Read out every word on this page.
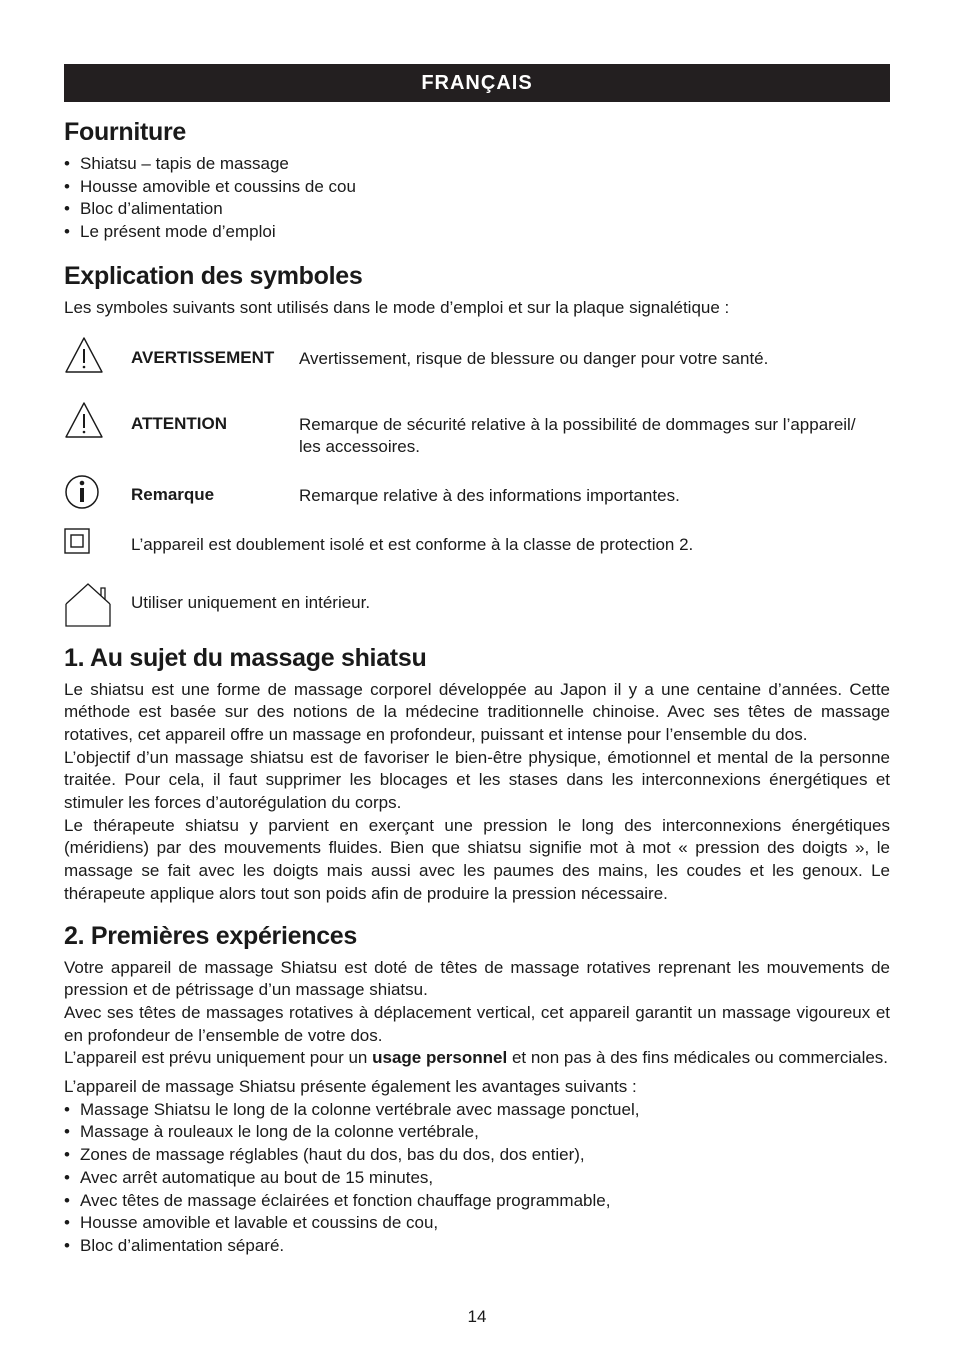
FRANÇAIS
Fourniture
• Shiatsu – tapis de massage
• Housse amovible et coussins de cou
• Bloc d’alimentation
• Le présent mode d’emploi
Explication des symboles

Les symboles suivants sont utilisés dans le mode d’emploi et sur la plaque signalétique :

AVERTISSEMENT Avertissement, risque de blessure ou danger pour votre santé.
ATTENTION	Remarque de sécurité relative à la possibilité de dommages sur l’appareil/
les accessoires.
Remarque	Remarque relative à des informations importantes.
L’appareil est doublement isolé et est conforme à la classe de protection 2.
Utiliser uniquement en intérieur.
1. Au sujet du massage shiatsu

Le shiatsu est une forme de massage corporel développée au Japon il y a une centaine d’années. Cette méthode est basée sur des notions de la médecine traditionnelle chinoise. Avec ses têtes de massage rotatives, cet appareil offre un massage en profondeur, puissant et intense pour l’ensemble du dos.

L’objectif d’un massage shiatsu est de favoriser le bien-être physique, émotionnel et mental de la personne traitée. Pour cela, il faut supprimer les blocages et les stases dans les interconnexions énergétiques et stimuler les forces d’autorégulation du corps.

Le thérapeute shiatsu y parvient en exerçant une pression le long des interconnexions énergétiques (méridiens) par des mouvements fluides. Bien que shiatsu signifie mot à mot « pression des doigts », le massage se fait avec les doigts mais aussi avec les paumes des mains, les coudes et les genoux. Le thérapeute applique alors tout son poids afin de produire la pression nécessaire.

2. Premières expériences

Votre appareil de massage Shiatsu est doté de têtes de massage rotatives reprenant les mouvements de pression et de pétrissage d’un massage shiatsu.

Avec ses têtes de massages rotatives à déplacement vertical, cet appareil garantit un massage vigoureux et en profondeur de l’ensemble de votre dos.

L’appareil est prévu uniquement pour un usage personnel et non pas à des fins médicales ou commerciales.

L’appareil de massage Shiatsu présente également les avantages suivants :

• Massage Shiatsu le long de la colonne vertébrale avec massage ponctuel,
• Massage à rouleaux le long de la colonne vertébrale,
• Zones de massage réglables (haut du dos, bas du dos, dos entier),
• Avec arrêt automatique au bout de 15 minutes,
• Avec têtes de massage éclairées et fonction chauffage programmable,
• Housse amovible et lavable et coussins de cou,
• Bloc d’alimentation séparé.
14
